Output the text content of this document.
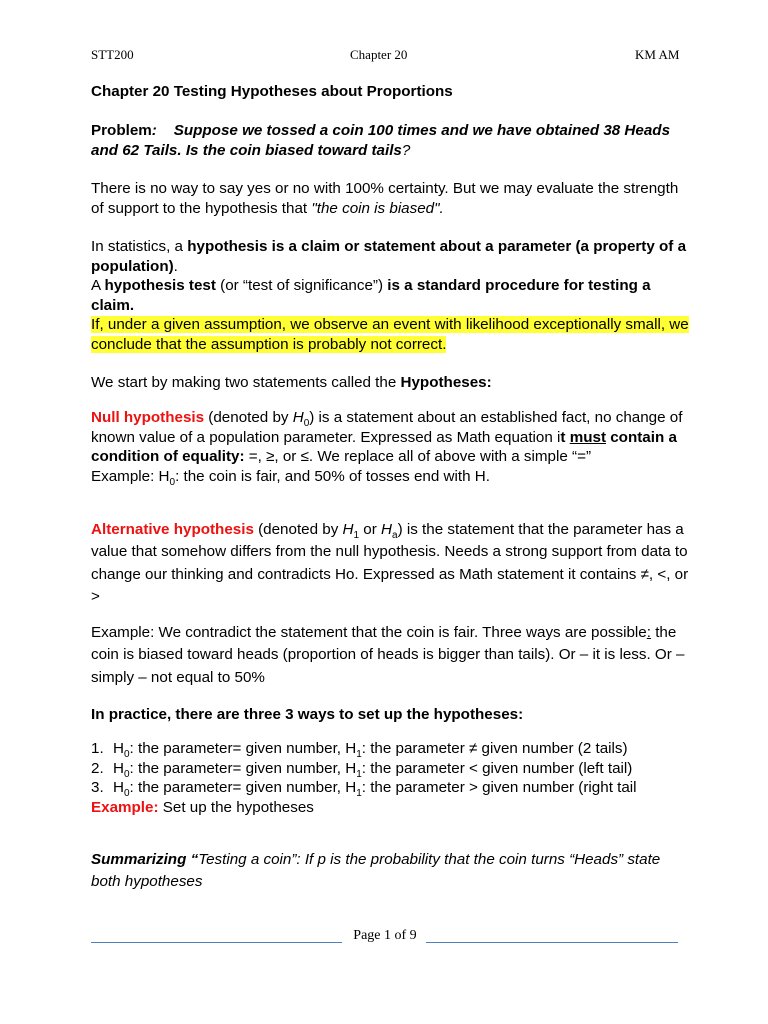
STT200	Chapter 20	KM AM
Chapter 20 Testing Hypotheses about Proportions
Problem: Suppose we tossed a coin 100 times and we have obtained 38 Heads and 62 Tails. Is the coin biased toward tails?
There is no way to say yes or no with 100% certainty. But we may evaluate the strength of support to the hypothesis that "the coin is biased".
In statistics, a hypothesis is a claim or statement about a parameter (a property of a population).
A hypothesis test (or “test of significance”) is a standard procedure for testing a claim.
If, under a given assumption, we observe an event with likelihood exceptionally small, we conclude that the assumption is probably not correct.
We start by making two statements called the Hypotheses:
Null hypothesis (denoted by $H_0$) is a statement about an established fact, no change of known value of a population parameter. Expressed as Math equation it must contain a condition of equality: =, ≥, or ≤. We replace all of above with a simple “=”
Example: $H_0$: the coin is fair, and 50% of tosses end with H.
Alternative hypothesis (denoted by $H_1$ or $H_a$) is the statement that the parameter has a value that somehow differs from the null hypothesis. Needs a strong support from data to change our thinking and contradicts Ho. Expressed as Math statement it contains ≠, <, or >
Example: We contradict the statement that the coin is fair. Three ways are possible: the coin is biased toward heads (proportion of heads is bigger than tails). Or – it is less. Or – simply – not equal to 50%
In practice, there are three 3 ways to set up the hypotheses:
1. $H_0$: the parameter= given number, $H_1$: the parameter ≠ given number (2 tails)
2. $H_0$: the parameter= given number, $H_1$: the parameter < given number (left tail)
3. $H_0$: the parameter= given number, $H_1$: the parameter > given number (right tail
Example: Set up the hypotheses
Summarizing “Testing a coin”: If p is the probability that the coin turns “Heads” state both hypotheses
Page 1 of 9
